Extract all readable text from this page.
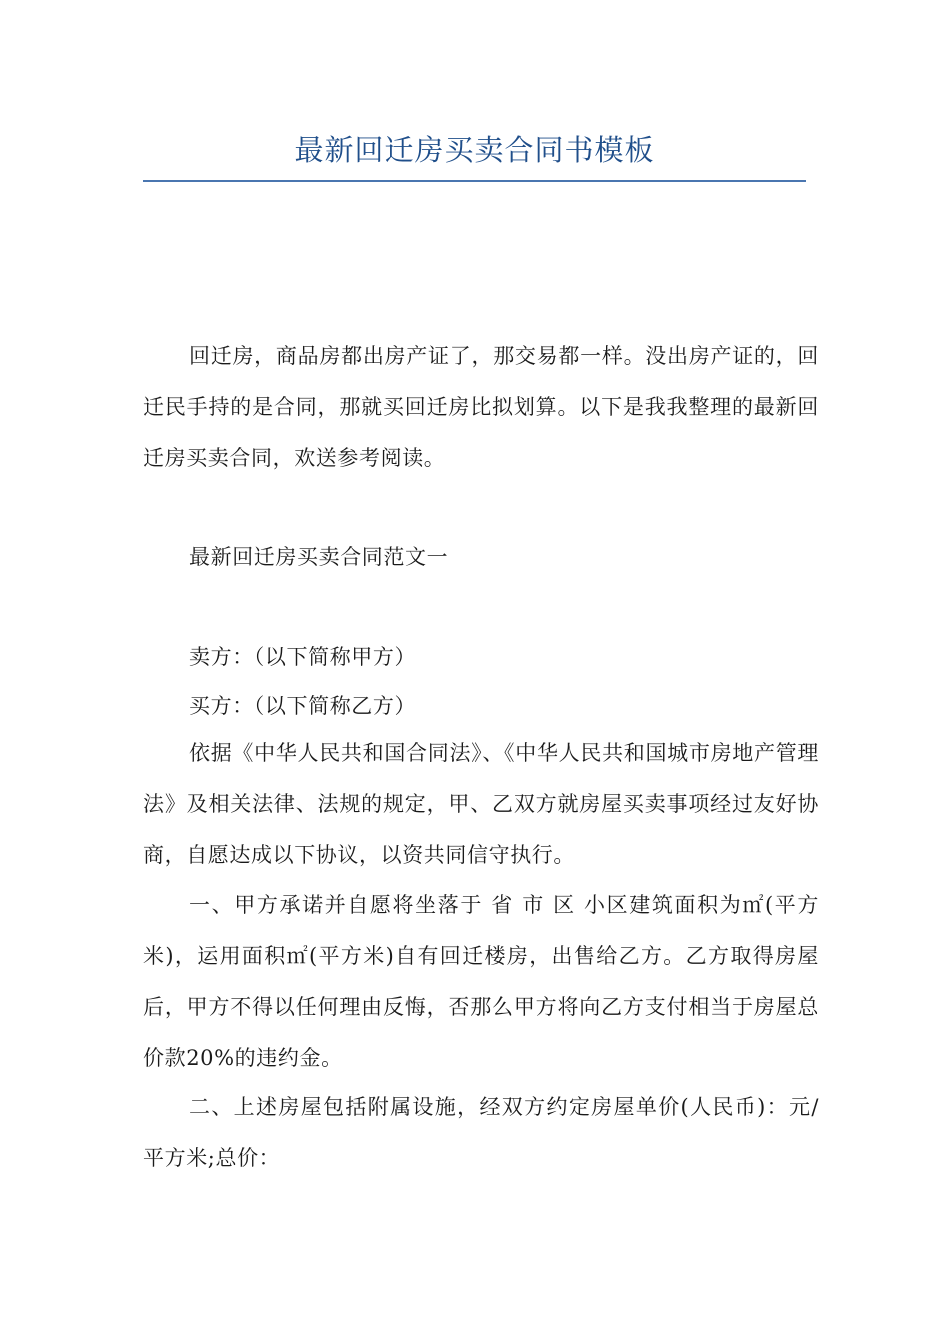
最新回迁房买卖合同书模板

回迁房，商品房都出房产证了，那交易都一样。没出房产证的，回迁民手持的是合同，那就买回迁房比拟划算。以下是我我整理的最新回迁房买卖合同，欢送参考阅读。

最新回迁房买卖合同范文一

卖方：（以下简称甲方）

买方：（以下简称乙方）

依据《中华人民共和国合同法》、《中华人民共和国城市房地产管理法》及相关法律、法规的规定，甲、乙双方就房屋买卖事项经过友好协商，自愿达成以下协议，以资共同信守执行。

一、甲方承诺并自愿将坐落于 省 市 区 小区建筑面积为㎡(平方米)，运用面积㎡(平方米)自有回迁楼房，出售给乙方。乙方取得房屋后，甲方不得以任何理由反悔，否那么甲方将向乙方支付相当于房屋总价款20%的违约金。

二、上述房屋包括附属设施，经双方约定房屋单价(人民币)：元/平方米;总价：
